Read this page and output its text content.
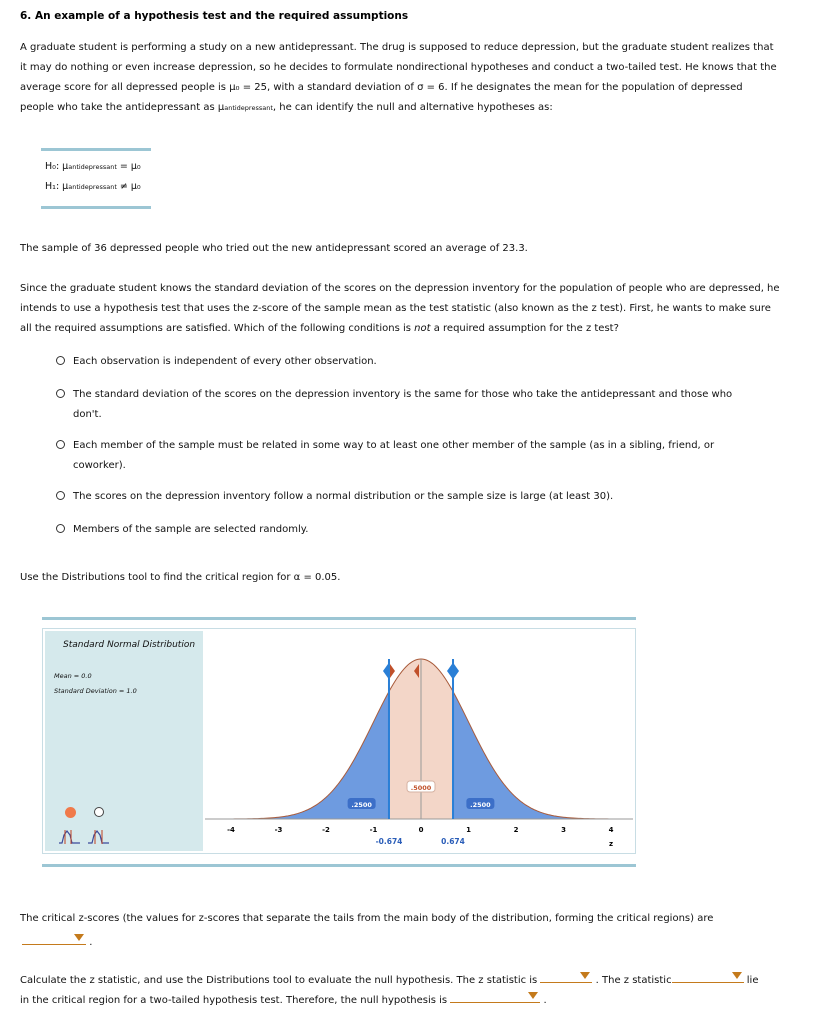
6. An example of a hypothesis test and the required assumptions
A graduate student is performing a study on a new antidepressant. The drug is supposed to reduce depression, but the graduate student realizes that
it may do nothing or even increase depression, so he decides to formulate nondirectional hypotheses and conduct a two-tailed test. He knows that the
average score for all depressed people is μ₀ = 25, with a standard deviation of σ = 6. If he designates the mean for the population of depressed
people who take the antidepressant as μantidepressant, he can identify the null and alternative hypotheses as:
H₀: μantidepressant = μ₀
H₁: μantidepressant ≠ μ₀
The sample of 36 depressed people who tried out the new antidepressant scored an average of 23.3.
Since the graduate student knows the standard deviation of the scores on the depression inventory for the population of people who are depressed, he
intends to use a hypothesis test that uses the z-score of the sample mean as the test statistic (also known as the z test). First, he wants to make sure
all the required assumptions are satisfied. Which of the following conditions is not a required assumption for the z test?
Each observation is independent of every other observation.
The standard deviation of the scores on the depression inventory is the same for those who take the antidepressant and those who
don't.
Each member of the sample must be related in some way to at least one other member of the sample (as in a sibling, friend, or
coworker).
The scores on the depression inventory follow a normal distribution or the sample size is large (at least 30).
Members of the sample are selected randomly.
Use the Distributions tool to find the critical region for α = 0.05.
Standard Normal Distribution
Mean = 0.0
Standard Deviation = 1.0
.2500
.5000
.2500
-4	-3	-2	-1	0	1	2	3	4
-0.674	0.674	z
The critical z-scores (the values for z-scores that separate the tails from the main body of the distribution, forming the critical regions) are
.
Calculate the z statistic, and use the Distributions tool to evaluate the null hypothesis. The z statistic is	. The z statistic	lie
in the critical region for a two-tailed hypothesis test. Therefore, the null hypothesis is	.
